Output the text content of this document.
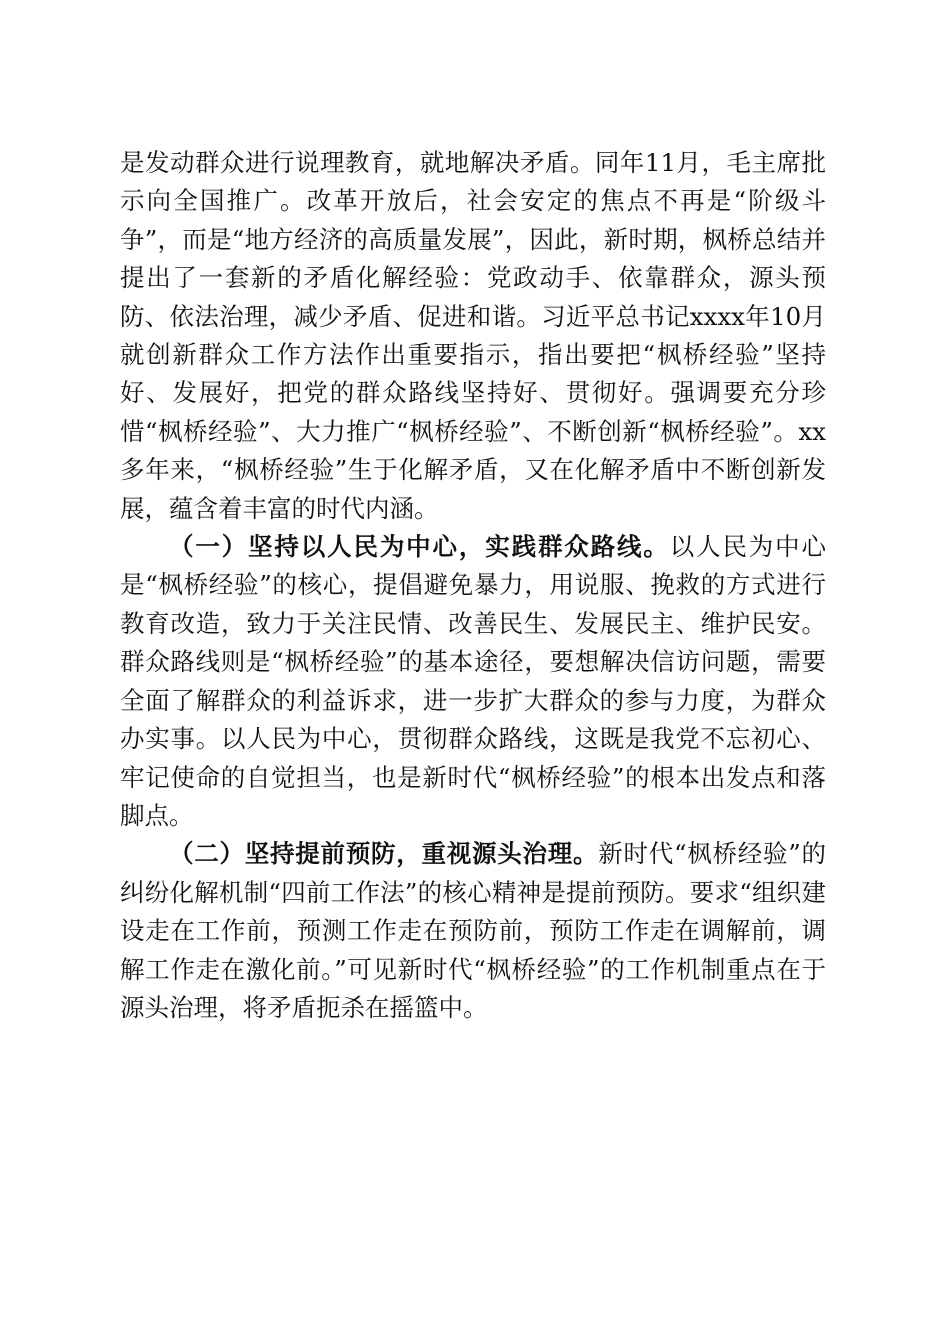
是发动群众进行说理教育，就地解决矛盾。同年11月，毛主席批示向全国推广。改革开放后，社会安定的焦点不再是“阶级斗争”，而是“地方经济的高质量发展”，因此，新时期，枫桥总结并提出了一套新的矛盾化解经验：党政动手、依靠群众，源头预防、依法治理，减少矛盾、促进和谐。习近平总书记xxxx年10月就创新群众工作方法作出重要指示，指出要把“枫桥经验”坚持好、发展好，把党的群众路线坚持好、贯彻好。强调要充分珍惜“枫桥经验”、大力推广“枫桥经验”、不断创新“枫桥经验”。xx多年来，“枫桥经验”生于化解矛盾，又在化解矛盾中不断创新发展，蕴含着丰富的时代内涵。

（一）坚持以人民为中心，实践群众路线。以人民为中心是“枫桥经验”的核心，提倡避免暴力，用说服、挽救的方式进行教育改造，致力于关注民情、改善民生、发展民主、维护民安。群众路线则是“枫桥经验”的基本途径，要想解决信访问题，需要全面了解群众的利益诉求，进一步扩大群众的参与力度，为群众办实事。以人民为中心，贯彻群众路线，这既是我党不忘初心、牢记使命的自觉担当，也是新时代“枫桥经验”的根本出发点和落脚点。

（二）坚持提前预防，重视源头治理。新时代“枫桥经验”的纠纷化解机制“四前工作法”的核心精神是提前预防。要求“组织建设走在工作前，预测工作走在预防前，预防工作走在调解前，调解工作走在激化前。”可见新时代“枫桥经验”的工作机制重点在于源头治理，将矛盾扼杀在摇篮中。
